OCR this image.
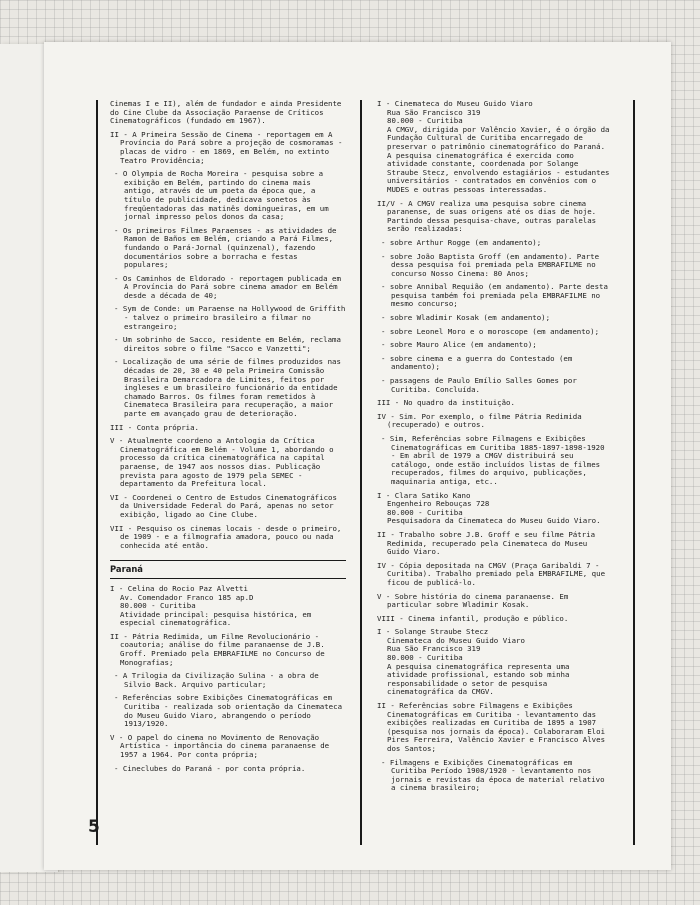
Cinemas I e II), além de fundador e ainda Presidente do Cine Clube da Associação Paraense de Críticos Cinematográficos (fundado em 1967).

II - A Primeira Sessão de Cinema - reportagem em A Província do Pará sobre a projeção de cosmoramas - placas de vidro - em 1869, em Belém, no extinto Teatro Providência;

- O Olympia de Rocha Moreira - pesquisa sobre a exibição em Belém, partindo do cinema mais antigo, através de um poeta da época que, a título de publicidade, dedicava sonetos às freqüentadoras das matinês domingueiras, em um jornal impresso pelos donos da casa;

- Os primeiros Filmes Paraenses - as atividades de Ramon de Baños em Belém, criando a Pará Filmes, fundando o Pará-Jornal (quinzenal), fazendo documentários sobre a borracha e festas populares;

- Os Caminhos de Eldorado - reportagem publicada em A Província do Pará sobre cinema amador em Belém desde a década de 40;

- Sym de Conde: um Paraense na Hollywood de Griffith - talvez o primeiro brasileiro a filmar no estrangeiro;

- Um sobrinho de Sacco, residente em Belém, reclama direitos sobre o filme "Sacco e Vanzetti";

- Localização de uma série de filmes produzidos nas décadas de 20, 30 e 40 pela Primeira Comissão Brasileira Demarcadora de Limites, feitos por ingleses e um brasileiro funcionário da entidade chamado Barros. Os filmes foram remetidos à Cinemateca Brasileira para recuperação, a maior parte em avançado grau de deterioração.

III - Conta própria.

V - Atualmente coordeno a Antologia da Crítica Cinematográfica em Belém - Volume 1, abordando o processo da crítica cinematográfica na capital paraense, de 1947 aos nossos dias. Publicação prevista para agosto de 1979 pela SEMEC - departamento da Prefeitura local.

VI - Coordenei o Centro de Estudos Cinematográficos da Universidade Federal do Pará, apenas no setor exibição, ligado ao Cine Clube.

VII - Pesquiso os cinemas locais - desde o primeiro, de 1909 - e a filmografia amadora, pouco ou nada conhecida até então.

Paraná

I - Celina do Rocio Paz Alvetti
Av. Comendador Franco 185 ap.D
80.000 - Curitiba
Atividade principal: pesquisa histórica, em especial cinematográfica.

II - Pátria Redimida, um Filme Revolucionário - coautoria; análise do filme paranaense de J.B. Groff. Premiado pela EMBRAFILME no Concurso de Monografias;

- A Trilogia da Civilização Sulina - a obra de Silvio Back. Arquivo particular;

- Referências sobre Exibições Cinematográficas em Curitiba - realizada sob orientação da Cinemateca do Museu Guido Viaro, abrangendo o período 1913/1920.

V - O papel do cinema no Movimento de Renovação Artística - importância do cinema paranaense de 1957 a 1964. Por conta própria;

- Cineclubes do Paraná - por conta própria.

I - Cinemateca do Museu Guido Viaro
Rua São Francisco 319
80.000 - Curitiba
A CMGV, dirigida por Valêncio Xavier, é o órgão da Fundação Cultural de Curitiba encarregado de preservar o patrimônio cinematográfico do Paraná. A pesquisa cinematográfica é exercida como atividade constante, coordenada por Solange Straube Stecz, envolvendo estagiários - estudantes universitários - contratados em convênios com o MUDES e outras pessoas interessadas.

II/V - A CMGV realiza uma pesquisa sobre cinema paranense, de suas origens até os dias de hoje. Partindo dessa pesquisa-chave, outras paralelas serão realizadas:

- sobre Arthur Rogge (em andamento);

- sobre João Baptista Groff (em andamento). Parte dessa pesquisa foi premiada pela EMBRAFILME no concurso Nosso Cinema: 80 Anos;

- sobre Annibal Requião (em andamento). Parte desta pesquisa também foi premiada pela EMBRAFILME no mesmo concurso;

- sobre Wladimir Kosak (em andamento);

- sobre Leonel Moro e o moroscope (em andamento);

- sobre Mauro Alice (em andamento);

- sobre cinema e a guerra do Contestado (em andamento);

- passagens de Paulo Emílio Salles Gomes por Curitiba. Concluída.

III - No quadro da instituição.

IV - Sim. Por exemplo, o filme Pátria Redimida (recuperado) e outros.

- Sim, Referências sobre Filmagens e Exibições Cinematográficas em Curitiba 1885-1897-1898-1920 - Em abril de 1979 a CMGV distribuirá seu catálogo, onde estão incluídos listas de filmes recuperados, filmes do arquivo, publicações, maquinaria antiga, etc..

I - Clara Satiko Kano
Engenheiro Rebouças 728
80.000 - Curitiba
Pesquisadora da Cinemateca do Museu Guido Viaro.

II - Trabalho sobre J.B. Groff e seu filme Pátria Redimida, recuperado pela Cinemateca do Museu Guido Viaro.

IV - Cópia depositada na CMGV (Praça Garibaldi 7 - Curitiba). Trabalho premiado pela EMBRAFILME, que ficou de publicá-lo.

V - Sobre história do cinema paranaense. Em particular sobre Wladimir Kosak.

VIII - Cinema infantil, produção e público.

I - Solange Straube Stecz
Cinemateca do Museu Guido Viaro
Rua São Francisco 319
80.000 - Curitiba
A pesquisa cinematográfica representa uma atividade profissional, estando sob minha responsabilidade o setor de pesquisa cinematográfica da CMGV.

II - Referências sobre Filmagens e Exibições Cinematográficas em Curitiba - levantamento das exibições realizadas em Curitiba de 1895 a 1907 (pesquisa nos jornais da época). Colaboraram Eloi Pires Ferreira, Valêncio Xavier e Francisco Alves dos Santos;

- Filmagens e Exibições Cinematográficas em Curitiba Período 1908/1920 - levantamento nos jornais e revistas da época de material relativo a cinema brasileiro;

5
